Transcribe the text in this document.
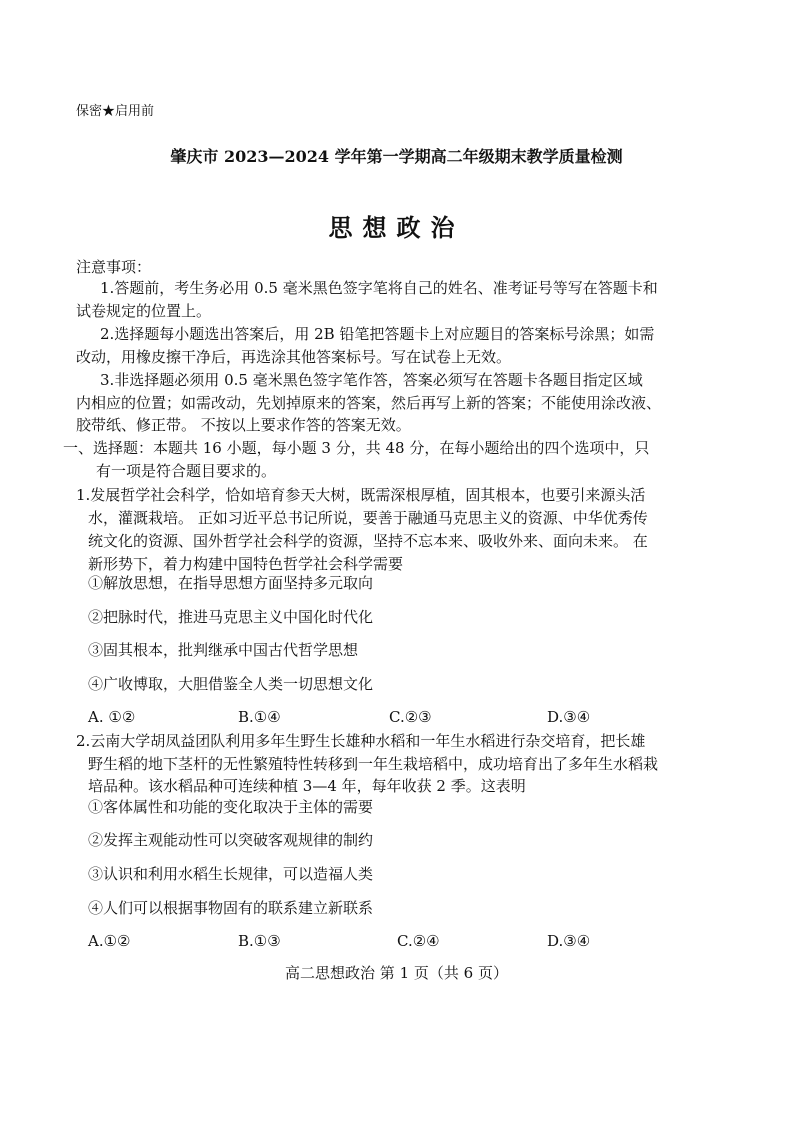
保密★启用前
肇庆市 2023—2024 学年第一学期高二年级期末教学质量检测
思想政治
注意事项：
1.答题前，考生务必用 0.5 毫米黑色签字笔将自己的姓名、准考证号等写在答题卡和
试卷规定的位置上。
2.选择题每小题选出答案后，用 2B 铅笔把答题卡上对应题目的答案标号涂黑；如需
改动，用橡皮擦干净后，再选涂其他答案标号。写在试卷上无效。
3.非选择题必须用 0.5 毫米黑色签字笔作答，答案必须写在答题卡各题目指定区域
内相应的位置；如需改动，先划掉原来的答案，然后再写上新的答案；不能使用涂改液、
胶带纸、修正带。 不按以上要求作答的答案无效。
一、选择题：本题共 16 小题，每小题 3 分，共 48 分，在每小题给出的四个选项中，只
有一项是符合题目要求的。
1.发展哲学社会科学，恰如培育参天大树，既需深根厚植，固其根本，也要引来源头活
水，灌溉栽培。 正如习近平总书记所说，要善于融通马克思主义的资源、中华优秀传
统文化的资源、国外哲学社会科学的资源，坚持不忘本来、吸收外来、面向未来。 在
新形势下，着力构建中国特色哲学社会科学需要
①解放思想，在指导思想方面坚持多元取向
②把脉时代，推进马克思主义中国化时代化
③固其根本，批判继承中国古代哲学思想
④广收博取，大胆借鉴全人类一切思想文化
A. ①②	B.①④	C.②③	D.③④
2.云南大学胡凤益团队利用多年生野生长雄种水稻和一年生水稻进行杂交培育，把长雄
野生稻的地下茎杆的无性繁殖特性转移到一年生栽培稻中，成功培育出了多年生水稻栽
培品种。该水稻品种可连续种植 3—4 年，每年收获 2 季。这表明
①客体属性和功能的变化取决于主体的需要
②发挥主观能动性可以突破客观规律的制约
③认识和利用水稻生长规律，可以造福人类
④人们可以根据事物固有的联系建立新联系
A.①②	B.①③	C.②④	D.③④
高二思想政治 第 1 页（共 6 页）
